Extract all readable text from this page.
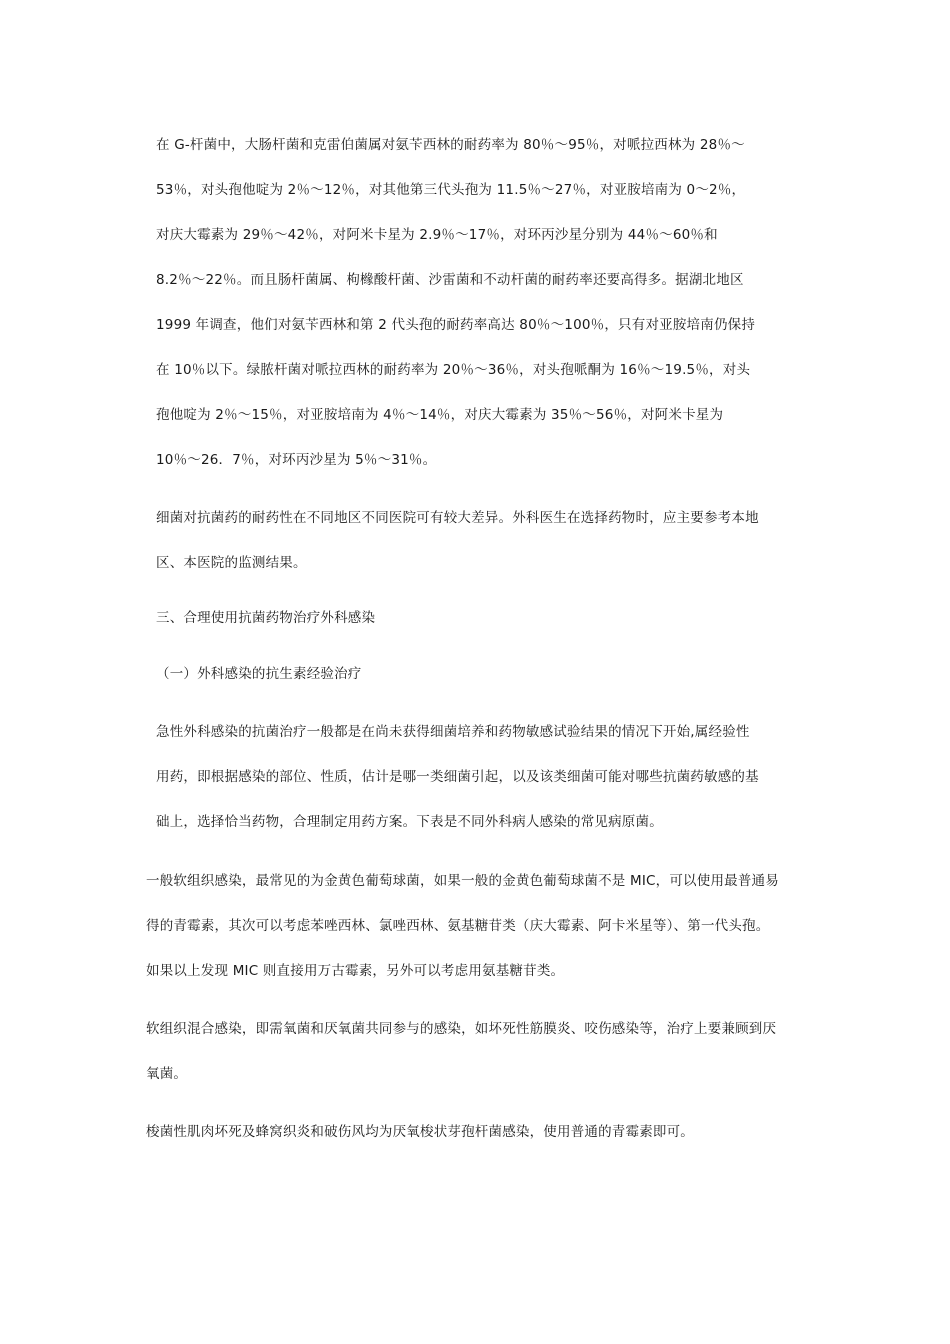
在 G-杆菌中，大肠杆菌和克雷伯菌属对氨苄西林的耐药率为 80％～95％，对哌拉西林为 28％～
53％，对头孢他啶为 2％～12％，对其他第三代头孢为 11.5％～27％，对亚胺培南为 0～2％，
对庆大霉素为 29％～42％，对阿米卡星为 2.9％～17％，对环丙沙星分别为 44％～60％和
8.2％～22％。而且肠杆菌属、枸橼酸杆菌、沙雷菌和不动杆菌的耐药率还要高得多。据湖北地区
1999 年调查，他们对氨苄西林和第 2 代头孢的耐药率高达 80％～100％，只有对亚胺培南仍保持
在 10％以下。绿脓杆菌对哌拉西林的耐药率为 20％～36％，对头孢哌酮为 16％～19.5％，对头
孢他啶为 2％～15％，对亚胺培南为 4％～14％，对庆大霉素为 35％～56％，对阿米卡星为
10％～26．7％，对环丙沙星为 5％～31％。
细菌对抗菌药的耐药性在不同地区不同医院可有较大差异。外科医生在选择药物时，应主要参考本地
区、本医院的监测结果。
三、合理使用抗菌药物治疗外科感染
（一）外科感染的抗生素经验治疗
急性外科感染的抗菌治疗一般都是在尚未获得细菌培养和药物敏感试验结果的情况下开始,属经验性
用药，即根据感染的部位、性质，估计是哪一类细菌引起，以及该类细菌可能对哪些抗菌药敏感的基
础上，选择恰当药物，合理制定用药方案。下表是不同外科病人感染的常见病原菌。
一般软组织感染，最常见的为金黄色葡萄球菌，如果一般的金黄色葡萄球菌不是 MIC，可以使用最普通易
得的青霉素，其次可以考虑苯唑西林、氯唑西林、氨基糖苷类（庆大霉素、阿卡米星等）、第一代头孢。
如果以上发现 MIC 则直接用万古霉素，另外可以考虑用氨基糖苷类。
软组织混合感染，即需氧菌和厌氧菌共同参与的感染，如坏死性筋膜炎、咬伤感染等，治疗上要兼顾到厌
氧菌。
梭菌性肌肉坏死及蜂窝织炎和破伤风均为厌氧梭状芽孢杆菌感染，使用普通的青霉素即可。
